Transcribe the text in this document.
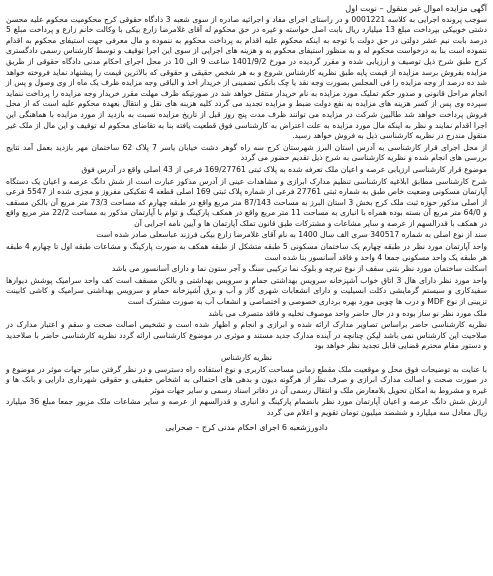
آگهی مزایده اموال غیر منقول – نوبت اول
سوجب پرونده اجرایی به کلاسه 0001221 و در راستای اجرای مفاد و اجرائیه صادره از سوی شعبه 3 دادگاه حقوقی کرج محکومیت محکوم علیه محسن دشتی خوبیکی بپرداخت مبلغ 13 میلیارد ریال بابت اصل خواسته و غیره در حق محکوم له آقای غلامرضا زارع بیکی با وکالت خانم زارع و پرداخت مبلغ 5 درصد بابت نیم عشر دولتی در حق دولت با توجه به اینکه محکوم علیه اقدام به پرداخت محکوم به ننموده و مال معرفی جهت استیفای محکوم به اقدام ننموده است بنا به درخواست محکوم له و به منظور استیفای محکوم به و هزینه های اجرایی از سوی این اجرا توقیف و توسط کارشناس رسمی دادگستری کرج طبق شرح ذیل توصیف و ارزیابی شده و مقرر گردیده در مورخ 1401/9/2 ساعت 9 الی 10 در محل اجرای احکام مدنی دادگاه حقوقی از طریق مزایده بفروش برسد مزایده از قیمت پایه طبق نظریه کارشناس شروع و به هر شخص حقیقی و حقوقی که بالاترین قیمت را پیشنهاد نماید فروخته خواهد شد ده درصد از وجه مزایده را فی المجلس بصورت وجه نقد یا چک بانکی تضمینی از خریدار اخذ و الباقی وجه مزایده ظرف یک ماه از وی وصول و پس از انجام مراحل قانونی و صدور حکم تملیک مورد مزایده به نام خریدار منتقل خواهد شد در صورتیکه ظرف مهلت مقرر خریدار وجه مزایده را پرداخت ننماید سپرده وی پس از کسر هزینه های مزایده به نفع دولت ضبط و مزایده تجدید می گردد کلیه هزینه های نقل و انتقال بعهده محکوم علیه است که از محل فروش پرداخت خواهد شد طالبین شرکت در مزایده می توانند ظرف مدت پنج روز قبل از تاریخ مزایده نسبت به بازدید از مورد مزایده با هماهنگی این اجرا اقدام نمایند و نظر به اینکه مال مورد مزایده به علت اعتراض به کارشناسی فوق قطعیت یافته بنا به تقاضای محکوم له توقیف و این مال از ملک غیر منقول مندرج در نظریه کارشناسی ذیل به فروش خواهد رسید.
از محل اجرای قرار کارشناسی به آدرس استان البرز شهرستان کرج سه راه گوهر دشت خیابان یاسر 7 پلاک 62 ساختمان مهر بازدید بعمل آمد نتایج بررسی های انجام شده و نظریه کارشناسی به شرح ذیل تقدیم حضور می گردد
موضوع قرار کارشناسی ارزیابی عرصه و اعیان ملک تعرفه شده به پلاک ثبتی 169/27761 فرعی از 43 اصلی واقع در آدرس فوق
شرح کارشناسی مطابق ابلاغیه کارشناسی تنظیم مدارک ابرازی و مشاهدات عینی از آدرس مذکور عبارت است از شش دانگ عرصه و اعیان یک دستگاه آپارتمان مسکونی وضعیت خاص طبق به شماره ثبتی 27761 فرعی از شماره پلاک ثبتی 169 اصلی قطعه 4 تفکیکی مفروز و مجزی شده از 5547 فرعی از اصلی مذکور حوزه ثبت ملک کرج بخش 3 استان البرز به مساحت 87/143 متر مربع واقع در طبقه چهارم که مساحت 73/3 متر مربع آن بالکن مسقف و 64/0 متر مربع آن بسته بوده همراه با انباری به مساحت 11 متر مربع واقع در همکف پارکینگ و توام با آپارتمان مذکور به مساحت 22/2 متر مربع واقع در همکف با قدرالسهم از عرصه و سایر مشاعات و مشترکات طبق قانون تملک آپارتمان ها و آیین نامه اجرایی آن
سند از نوع اصلی به شماره 340517 سری الف سال 1400 به نام آقای غلامرضا زارع بیکی فرزند عباسعلی صادر شده است
واحد آپارتمان مورد نظر در طبقه چهارم یک ساختمان مسکونی 5 طبقه متشکل از طبقه همکف به صورت پارکینگ و مشاعات طبقه اول تا چهارم 4 طبقه هر طبقه یک واحد مسکونی جمعا 4 واحد و فاقد آسانسور بنا شده است
اسکلت ساختمان مورد نظر بتنی سقف از نوع تیرچه و بلوک نما ترکیبی سنگ و آجر ستون نما و دارای آسانسور می باشد
واحد مورد نظر دارای هال 3 اتاق خواب آشپزخانه سرویس بهداشتی حمام و سرویس بهداشتی و بالکن مسقف است کف واحد سرامیک پوشش دیوارها سفیدکاری و سیستم گرمایشی دکلت ابسیلیت و دارای انشعابات شهری گاز و آب و برق آشپزخانه حمام و سرویس بهداشتی سرامیک و کاشی کابینت تزیینی از نوع MDF و درب ها چوبی مورد بهره برداری خصوصی و اختصاصی و انشعاب آب به صورت مشترک است
ملک مورد نظر نو ساز بوده و در حال حاضر واحد موصوف تخلیه و فاقد متصرف می باشد
نظریه کارشناسی حاضر براساس تصاویر مدارک ارائه شده و ابرازی و انجام و اظهار شده است و تشخیص اصالت صحت و سقم و اعتبار مدارک در صلاحیت این کارشناس نمی باشد لیکن چنانچه در آینده مدارک جدید مستند و موثری در موضوع کارشناسی ارائه گردد نظریه کارشناسی حاضر با صلاحدید و دستور مقام محترم قضایی قابل تجدید نظر خواهد بود
نظریه کارشناس
با عنایت به توضیحات فوق محل و موقعیت ملک مقطع زمانی مساحت کاربری و نوع استفاده راه دسترسی و در نظر گرفتن سایر جهات موثر در موضوع و در صورت صحت و اصالت مدارک ابرازی و صرف نظر از هرگونه دیون و بدهی های احتمالی به اشخاص حقیقی و حقوقی شهرداری دارایی و بانک ها و غیره و مشروط به امکان تحویل بلامعارض ملک و انتقال رسمی آن در دفاتر اسناد رسمی و سایر جهات موثر
ارزش شش دانگ عرصه و اعیان آپارتمان مورد نظر بانضمام پارکینگ و انباری و قدرالسهم از عرصه و سایر مشاعات ملک مزبور جمعا مبلغ 36 میلیارد ریال معادل سه میلیارد و ششصد میلیون تومان تقویم و اعلام می گردد
دادورزشعبه 6 اجرای احکام مدنی کرج – صحرایی
